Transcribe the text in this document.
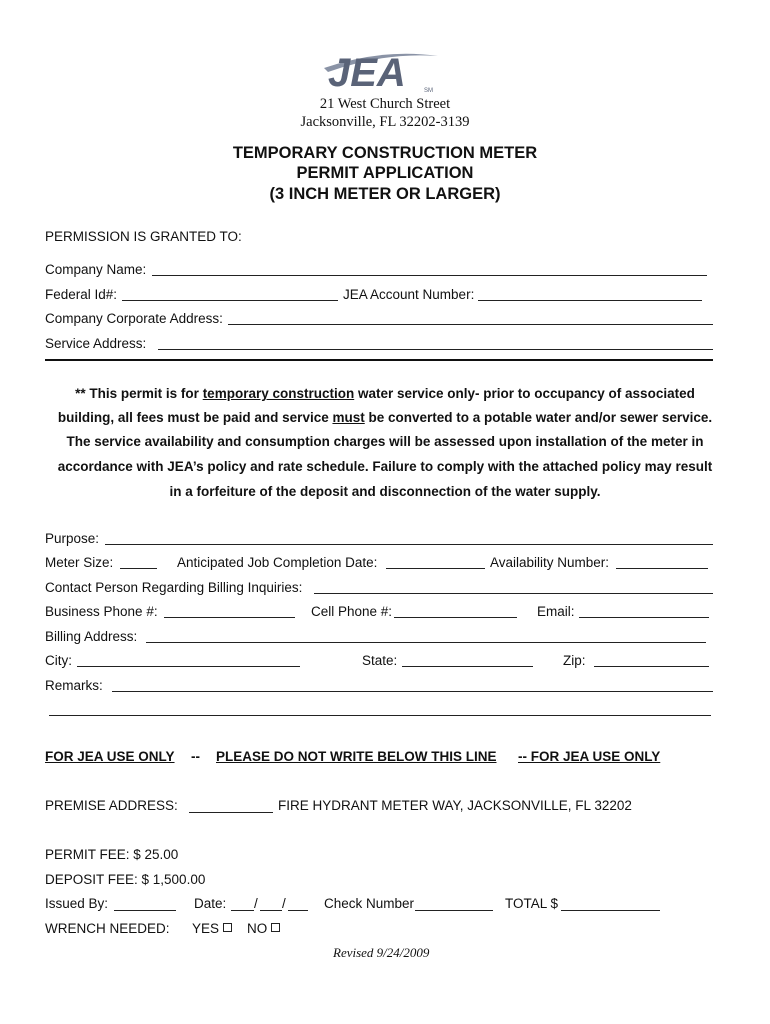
JEA	SM
21 West Church Street
Jacksonville, FL 32202-3139
TEMPORARY CONSTRUCTION METER
PERMIT APPLICATION
(3 INCH METER OR LARGER)
PERMISSION IS GRANTED TO:
Company Name:
Federal Id#:	JEA Account Number:
Company Corporate Address:
Service Address:
** This permit is for temporary construction water service only- prior to occupancy of associated
building, all fees must be paid and service must be converted to a potable water and/or sewer service.
The service availability and consumption charges will be assessed upon installation of the meter in
accordance with JEA’s policy and rate schedule. Failure to comply with the attached policy may result
in a forfeiture of the deposit and disconnection of the water supply.
Purpose:
Meter Size:	Anticipated Job Completion Date:	Availability Number:
Contact Person Regarding Billing Inquiries:
Business Phone #:	Cell Phone #:	Email:
Billing Address:
City:	State:	Zip:
Remarks:
FOR JEA USE ONLY -- PLEASE DO NOT WRITE BELOW THIS LINE -- FOR JEA USE ONLY
PREMISE ADDRESS:	FIRE HYDRANT METER WAY, JACKSONVILLE, FL 32202
PERMIT FEE: $ 25.00
DEPOSIT FEE: $ 1,500.00
Issued By:	Date: / /	Check Number	TOTAL $
WRENCH NEEDED: YES	NO
Revised 9/24/2009
